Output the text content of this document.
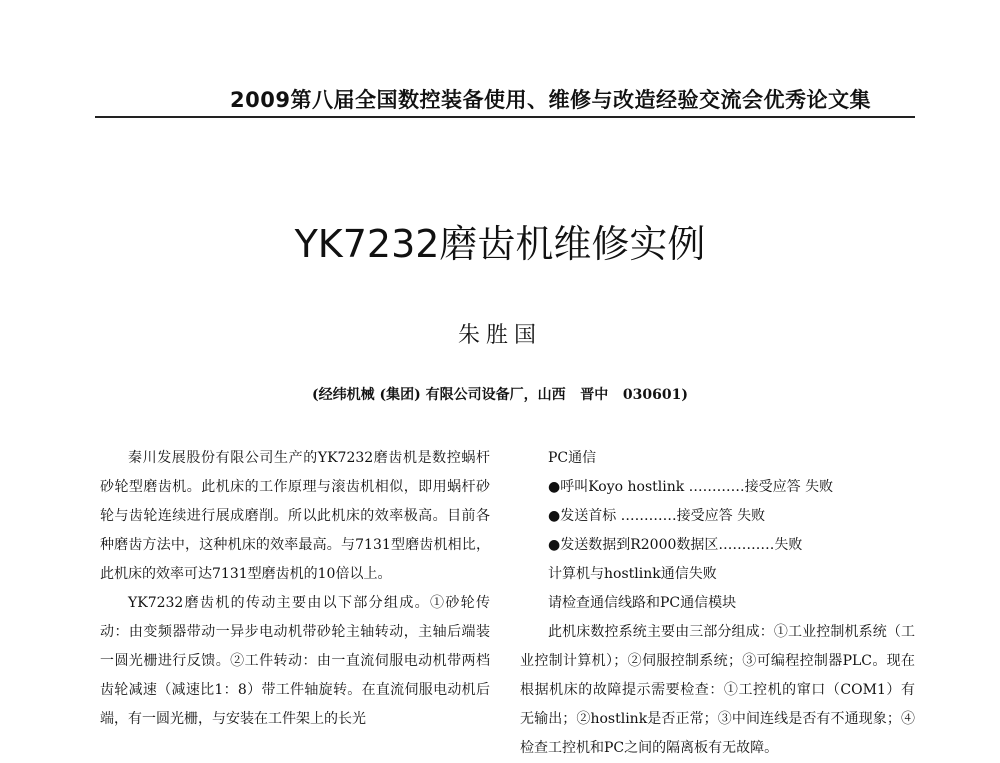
2009第八届全国数控装备使用、维修与改造经验交流会优秀论文集
YK7232磨齿机维修实例
朱胜国
(经纬机械 (集团) 有限公司设备厂，山西   晋中   030601)

秦川发展股份有限公司生产的YK7232磨齿机是数控蜗杆砂轮型磨齿机。此机床的工作原理与滚齿机相似，即用蜗杆砂轮与齿轮连续进行展成磨削。所以此机床的效率极高。目前各种磨齿方法中，这种机床的效率最高。与7131型磨齿机相比，此机床的效率可达7131型磨齿机的10倍以上。

YK7232磨齿机的传动主要由以下部分组成。①砂轮传动：由变频器带动一异步电动机带砂轮主轴转动，主轴后端装一圆光栅进行反馈。②工件转动：由一直流伺服电动机带两档齿轮减速（减速比1：8）带工件轴旋转。在直流伺服电动机后端，有一圆光栅，与安装在工件架上的长光

PC通信

●呼叫Koyo hostlink …………接受应答 失败

●发送首标 …………接受应答 失败

●发送数据到R2000数据区…………失败

计算机与hostlink通信失败

请检查通信线路和PC通信模块

此机床数控系统主要由三部分组成：①工业控制机系统（工业控制计算机）；②伺服控制系统；③可编程控制器PLC。现在根据机床的故障提示需要检查：①工控机的窜口（COM1）有无输出；②hostlink是否正常；③中间连线是否有不通现象；④检查工控机和PC之间的隔离板有无故障。
